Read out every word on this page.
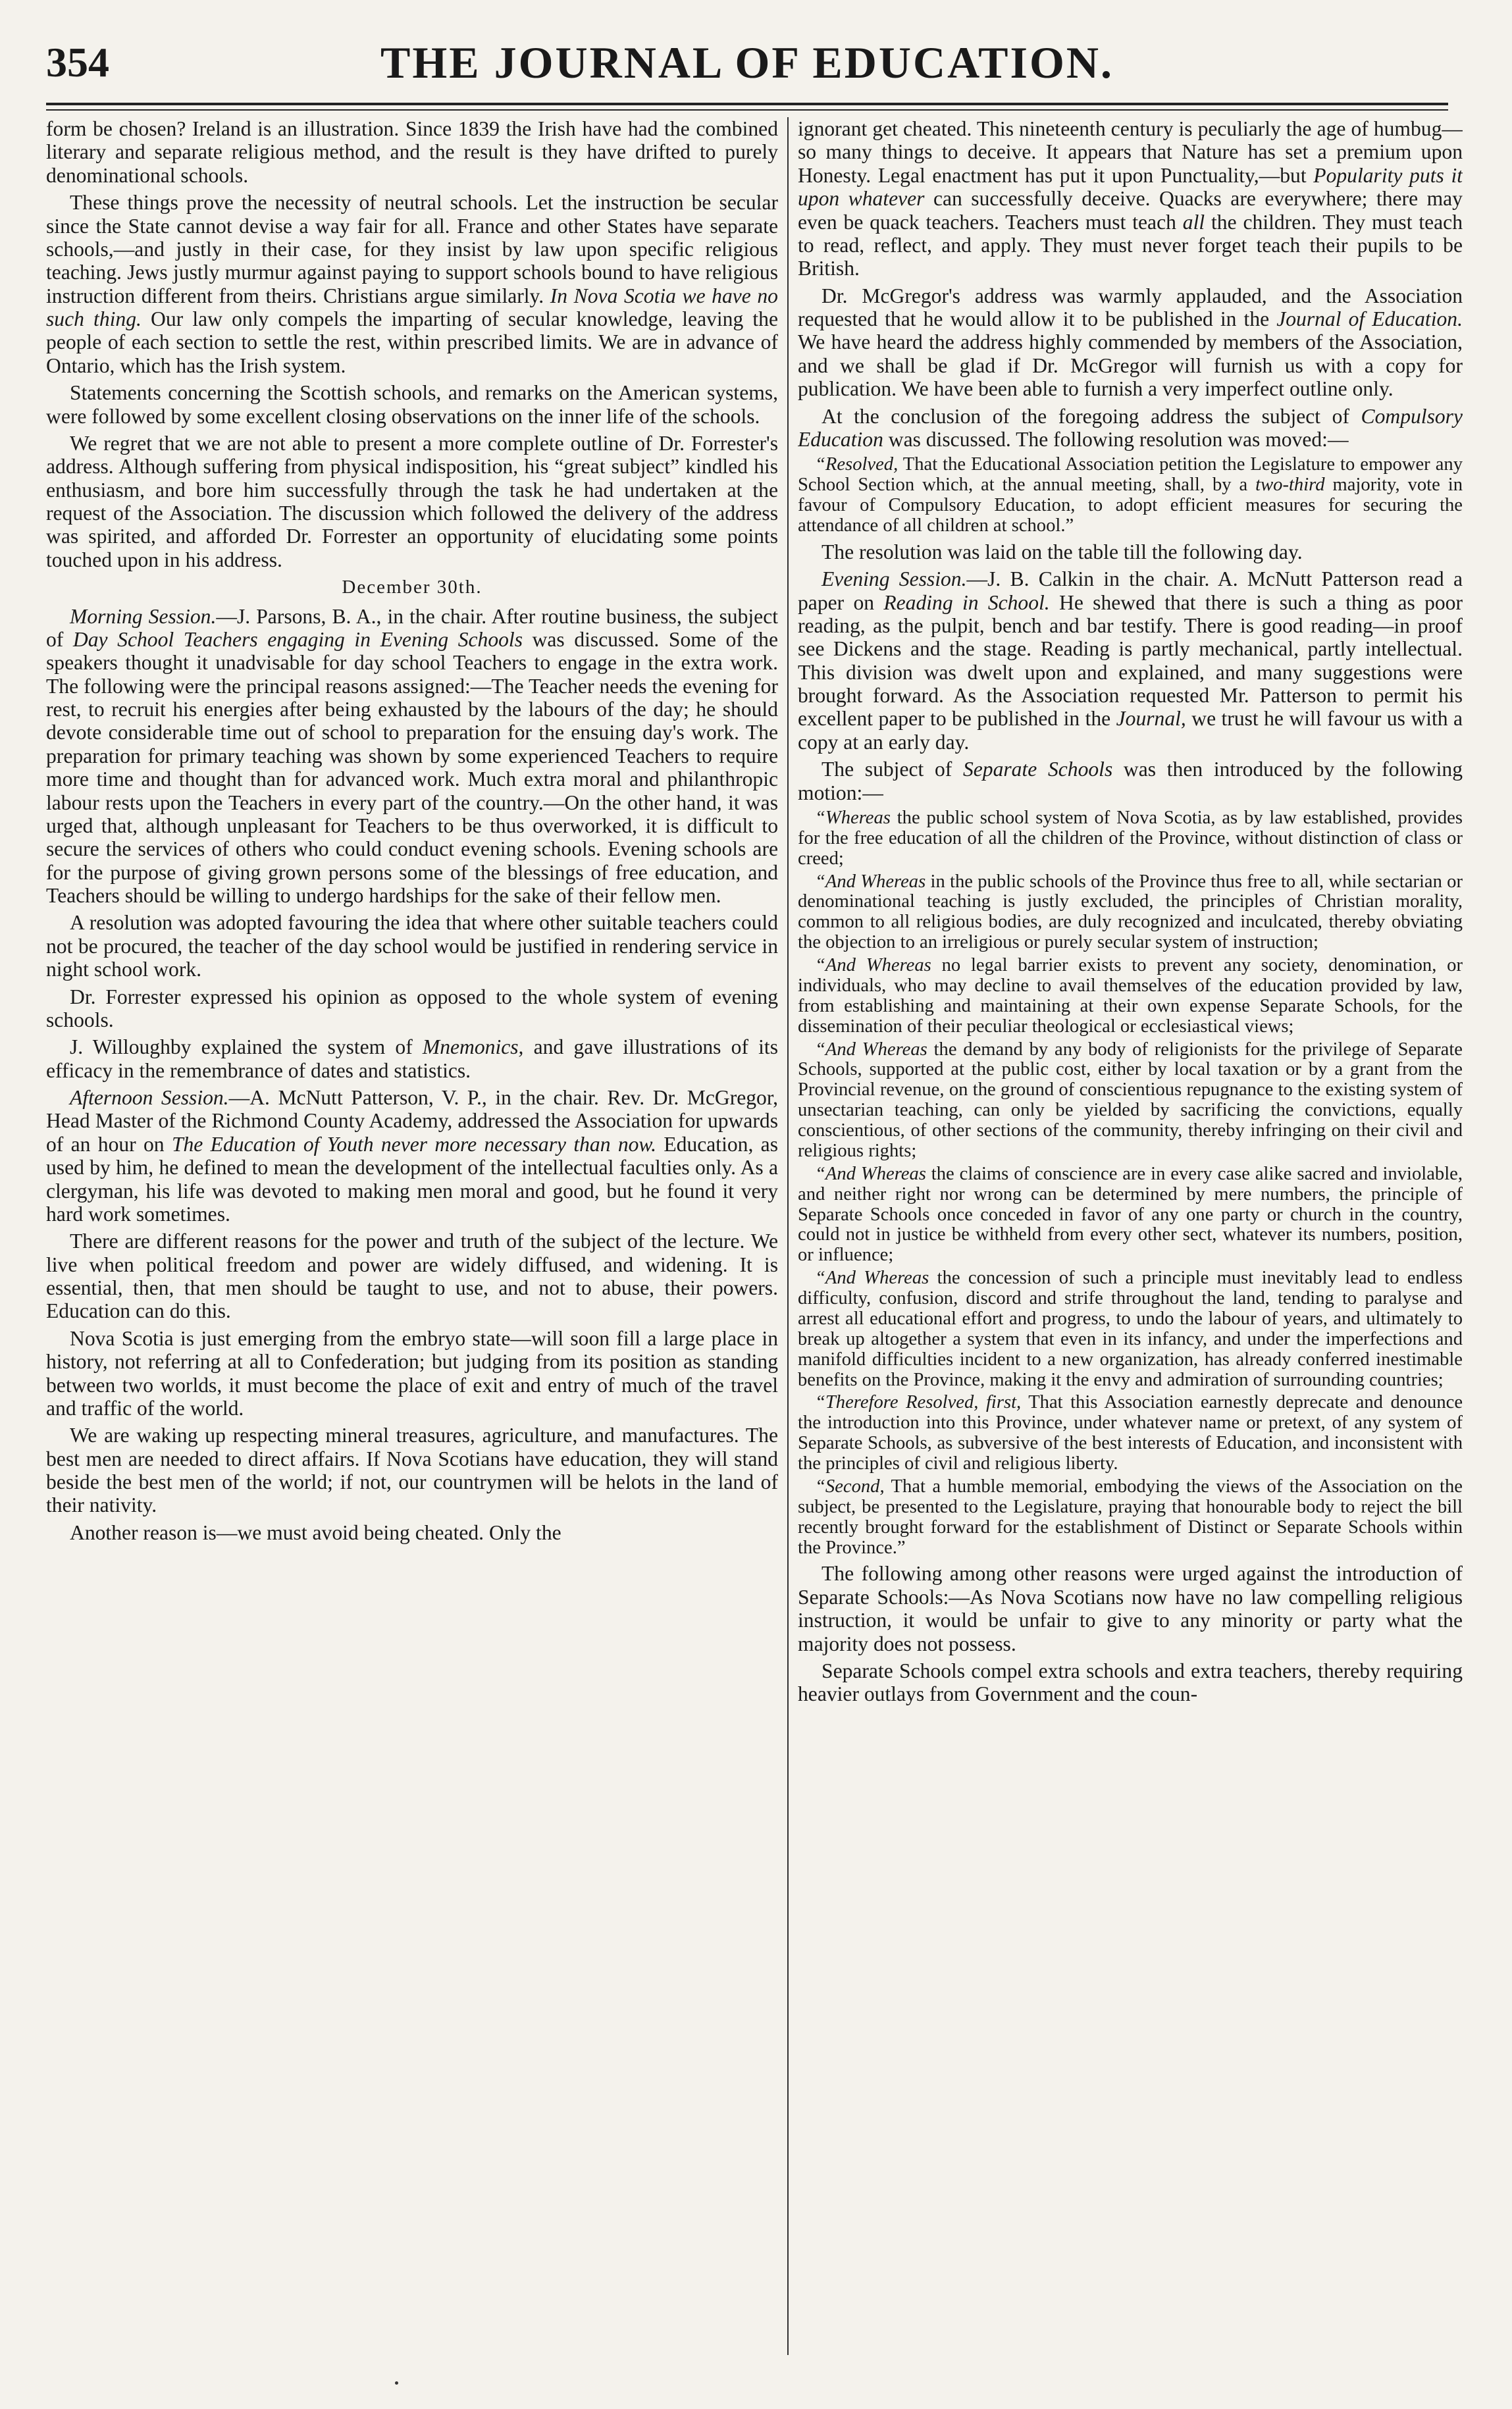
354	THE JOURNAL OF EDUCATION.

form be chosen? Ireland is an illustration. Since 1839 the Irish have had the combined literary and separate religious method, and the result is they have drifted to purely denominational schools.

These things prove the necessity of neutral schools. Let the instruction be secular since the State cannot devise a way fair for all. France and other States have separate schools,—and justly in their case, for they insist by law upon specific religious teaching. Jews justly murmur against paying to support schools bound to have religious instruction different from theirs. Christians argue similarly. In Nova Scotia we have no such thing. Our law only compels the imparting of secular knowledge, leaving the people of each section to settle the rest, within prescribed limits. We are in advance of Ontario, which has the Irish system.

Statements concerning the Scottish schools, and remarks on the American systems, were followed by some excellent closing observations on the inner life of the schools.

We regret that we are not able to present a more complete outline of Dr. Forrester's address. Although suffering from physical indisposition, his “great subject” kindled his enthusiasm, and bore him successfully through the task he had undertaken at the request of the Association. The discussion which followed the delivery of the address was spirited, and afforded Dr. Forrester an opportunity of elucidating some points touched upon in his address.

December 30th.

Morning Session.—J. Parsons, B. A., in the chair. After routine business, the subject of Day School Teachers engaging in Evening Schools was discussed. Some of the speakers thought it unadvisable for day school Teachers to engage in the extra work. The following were the principal reasons assigned:—The Teacher needs the evening for rest, to recruit his energies after being exhausted by the labours of the day; he should devote considerable time out of school to preparation for the ensuing day's work. The preparation for primary teaching was shown by some experienced Teachers to require more time and thought than for advanced work. Much extra moral and philanthropic labour rests upon the Teachers in every part of the country.—On the other hand, it was urged that, although unpleasant for Teachers to be thus overworked, it is difficult to secure the services of others who could conduct evening schools. Evening schools are for the purpose of giving grown persons some of the blessings of free education, and Teachers should be willing to undergo hardships for the sake of their fellow men.

A resolution was adopted favouring the idea that where other suitable teachers could not be procured, the teacher of the day school would be justified in rendering service in night school work.

Dr. Forrester expressed his opinion as opposed to the whole system of evening schools.

J. Willoughby explained the system of Mnemonics, and gave illustrations of its efficacy in the remembrance of dates and statistics.

Afternoon Session.—A. McNutt Patterson, V. P., in the chair. Rev. Dr. McGregor, Head Master of the Richmond County Academy, addressed the Association for upwards of an hour on The Education of Youth never more necessary than now. Education, as used by him, he defined to mean the development of the intellectual faculties only. As a clergyman, his life was devoted to making men moral and good, but he found it very hard work sometimes.

There are different reasons for the power and truth of the subject of the lecture. We live when political freedom and power are widely diffused, and widening. It is essential, then, that men should be taught to use, and not to abuse, their powers. Education can do this.

Nova Scotia is just emerging from the embryo state—will soon fill a large place in history, not referring at all to Confederation; but judging from its position as standing between two worlds, it must become the place of exit and entry of much of the travel and traffic of the world.

We are waking up respecting mineral treasures, agriculture, and manufactures. The best men are needed to direct affairs. If Nova Scotians have education, they will stand beside the best men of the world; if not, our countrymen will be helots in the land of their nativity.

Another reason is—we must avoid being cheated. Only the

ignorant get cheated. This nineteenth century is peculiarly the age of humbug—so many things to deceive. It appears that Nature has set a premium upon Honesty. Legal enactment has put it upon Punctuality,—but Popularity puts it upon whatever can successfully deceive. Quacks are everywhere; there may even be quack teachers. Teachers must teach all the children. They must teach to read, reflect, and apply. They must never forget teach their pupils to be British.

Dr. McGregor's address was warmly applauded, and the Association requested that he would allow it to be published in the Journal of Education. We have heard the address highly commended by members of the Association, and we shall be glad if Dr. McGregor will furnish us with a copy for publication. We have been able to furnish a very imperfect outline only.

At the conclusion of the foregoing address the subject of Compulsory Education was discussed. The following resolution was moved:—

“Resolved, That the Educational Association petition the Legislature to empower any School Section which, at the annual meeting, shall, by a two-third majority, vote in favour of Compulsory Education, to adopt efficient measures for securing the attendance of all children at school.”

The resolution was laid on the table till the following day.

Evening Session.—J. B. Calkin in the chair. A. McNutt Patterson read a paper on Reading in School. He shewed that there is such a thing as poor reading, as the pulpit, bench and bar testify. There is good reading—in proof see Dickens and the stage. Reading is partly mechanical, partly intellectual. This division was dwelt upon and explained, and many suggestions were brought forward. As the Association requested Mr. Patterson to permit his excellent paper to be published in the Journal, we trust he will favour us with a copy at an early day.

The subject of Separate Schools was then introduced by the following motion:—

“Whereas the public school system of Nova Scotia, as by law established, provides for the free education of all the children of the Province, without distinction of class or creed;

“And Whereas in the public schools of the Province thus free to all, while sectarian or denominational teaching is justly excluded, the principles of Christian morality, common to all religious bodies, are duly recognized and inculcated, thereby obviating the objection to an irreligious or purely secular system of instruction;

“And Whereas no legal barrier exists to prevent any society, denomination, or individuals, who may decline to avail themselves of the education provided by law, from establishing and maintaining at their own expense Separate Schools, for the dissemination of their peculiar theological or ecclesiastical views;

“And Whereas the demand by any body of religionists for the privilege of Separate Schools, supported at the public cost, either by local taxation or by a grant from the Provincial revenue, on the ground of conscientious repugnance to the existing system of unsectarian teaching, can only be yielded by sacrificing the convictions, equally conscientious, of other sections of the community, thereby infringing on their civil and religious rights;

“And Whereas the claims of conscience are in every case alike sacred and inviolable, and neither right nor wrong can be determined by mere numbers, the principle of Separate Schools once conceded in favor of any one party or church in the country, could not in justice be withheld from every other sect, whatever its numbers, position, or influence;

“And Whereas the concession of such a principle must inevitably lead to endless difficulty, confusion, discord and strife throughout the land, tending to paralyse and arrest all educational effort and progress, to undo the labour of years, and ultimately to break up altogether a system that even in its infancy, and under the imperfections and manifold difficulties incident to a new organization, has already conferred inestimable benefits on the Province, making it the envy and admiration of surrounding countries;

“Therefore Resolved, first, That this Association earnestly deprecate and denounce the introduction into this Province, under whatever name or pretext, of any system of Separate Schools, as subversive of the best interests of Education, and inconsistent with the principles of civil and religious liberty.

“Second, That a humble memorial, embodying the views of the Association on the subject, be presented to the Legislature, praying that honourable body to reject the bill recently brought forward for the establishment of Distinct or Separate Schools within the Province.”

The following among other reasons were urged against the introduction of Separate Schools:—As Nova Scotians now have no law compelling religious instruction, it would be unfair to give to any minority or party what the majority does not possess.

Separate Schools compel extra schools and extra teachers, thereby requiring heavier outlays from Government and the coun-
